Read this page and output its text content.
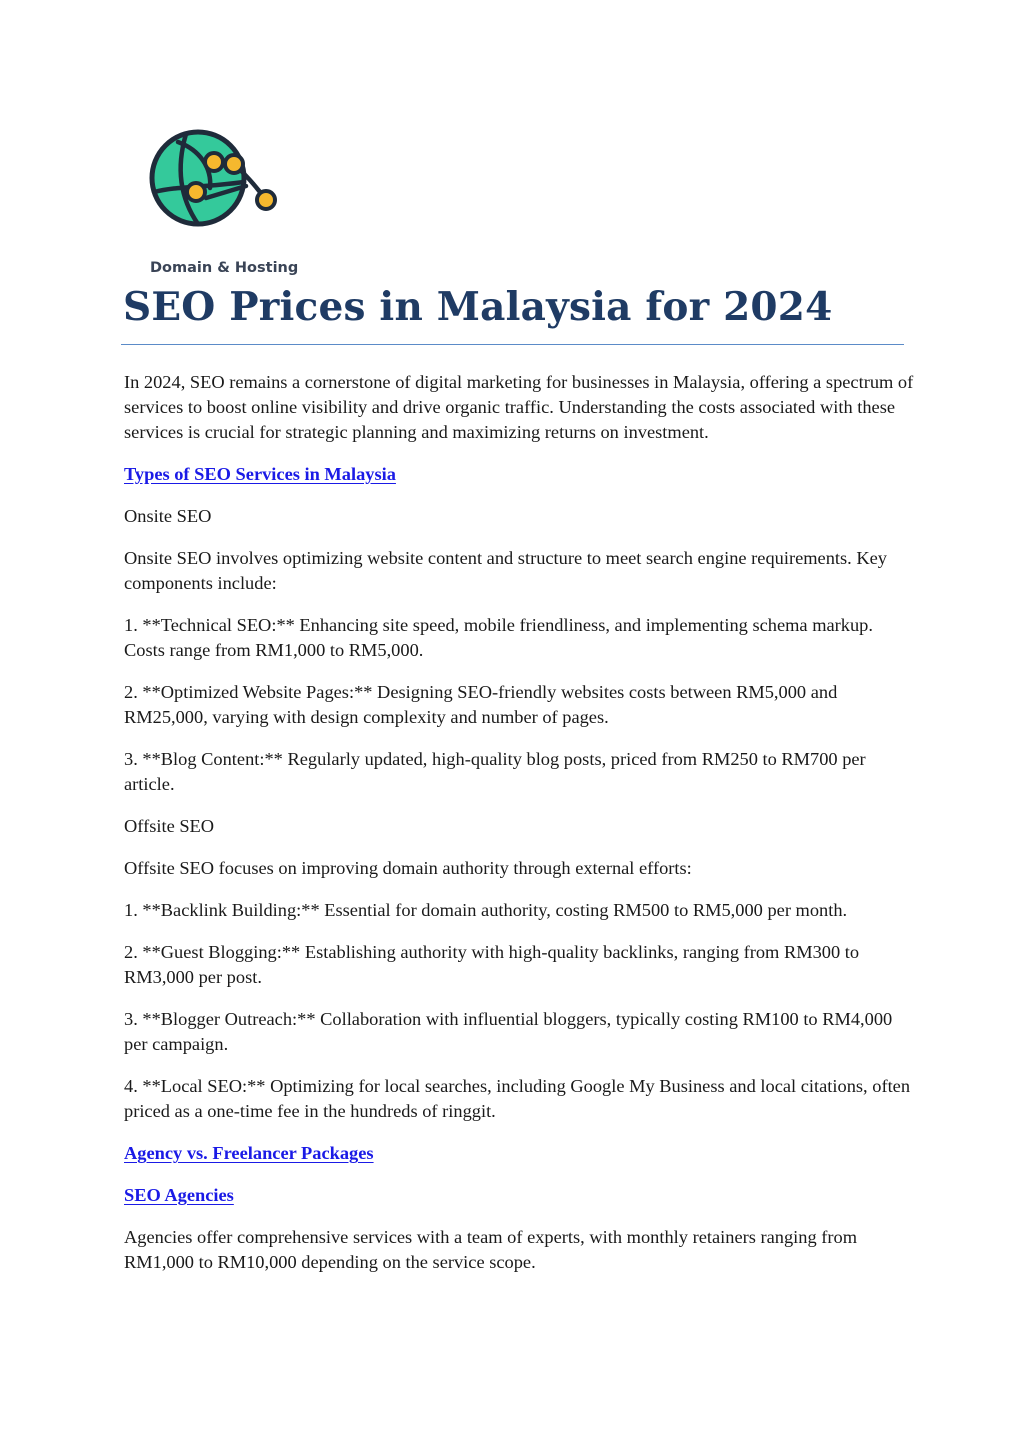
Domain & Hosting
SEO Prices in Malaysia for 2024

In 2024, SEO remains a cornerstone of digital marketing for businesses in Malaysia, offering a spectrum of services to boost online visibility and drive organic traffic. Understanding the costs associated with these services is crucial for strategic planning and maximizing returns on investment.

Types of SEO Services in Malaysia

Onsite SEO

Onsite SEO involves optimizing website content and structure to meet search engine requirements. Key components include:

1. **Technical SEO:** Enhancing site speed, mobile friendliness, and implementing schema markup. Costs range from RM1,000 to RM5,000.

2. **Optimized Website Pages:** Designing SEO-friendly websites costs between RM5,000 and RM25,000, varying with design complexity and number of pages.

3. **Blog Content:** Regularly updated, high-quality blog posts, priced from RM250 to RM700 per article.

Offsite SEO

Offsite SEO focuses on improving domain authority through external efforts:

1. **Backlink Building:** Essential for domain authority, costing RM500 to RM5,000 per month.

2. **Guest Blogging:** Establishing authority with high-quality backlinks, ranging from RM300 to RM3,000 per post.

3. **Blogger Outreach:** Collaboration with influential bloggers, typically costing RM100 to RM4,000 per campaign.

4. **Local SEO:** Optimizing for local searches, including Google My Business and local citations, often priced as a one-time fee in the hundreds of ringgit.

Agency vs. Freelancer Packages

SEO Agencies

Agencies offer comprehensive services with a team of experts, with monthly retainers ranging from RM1,000 to RM10,000 depending on the service scope.
